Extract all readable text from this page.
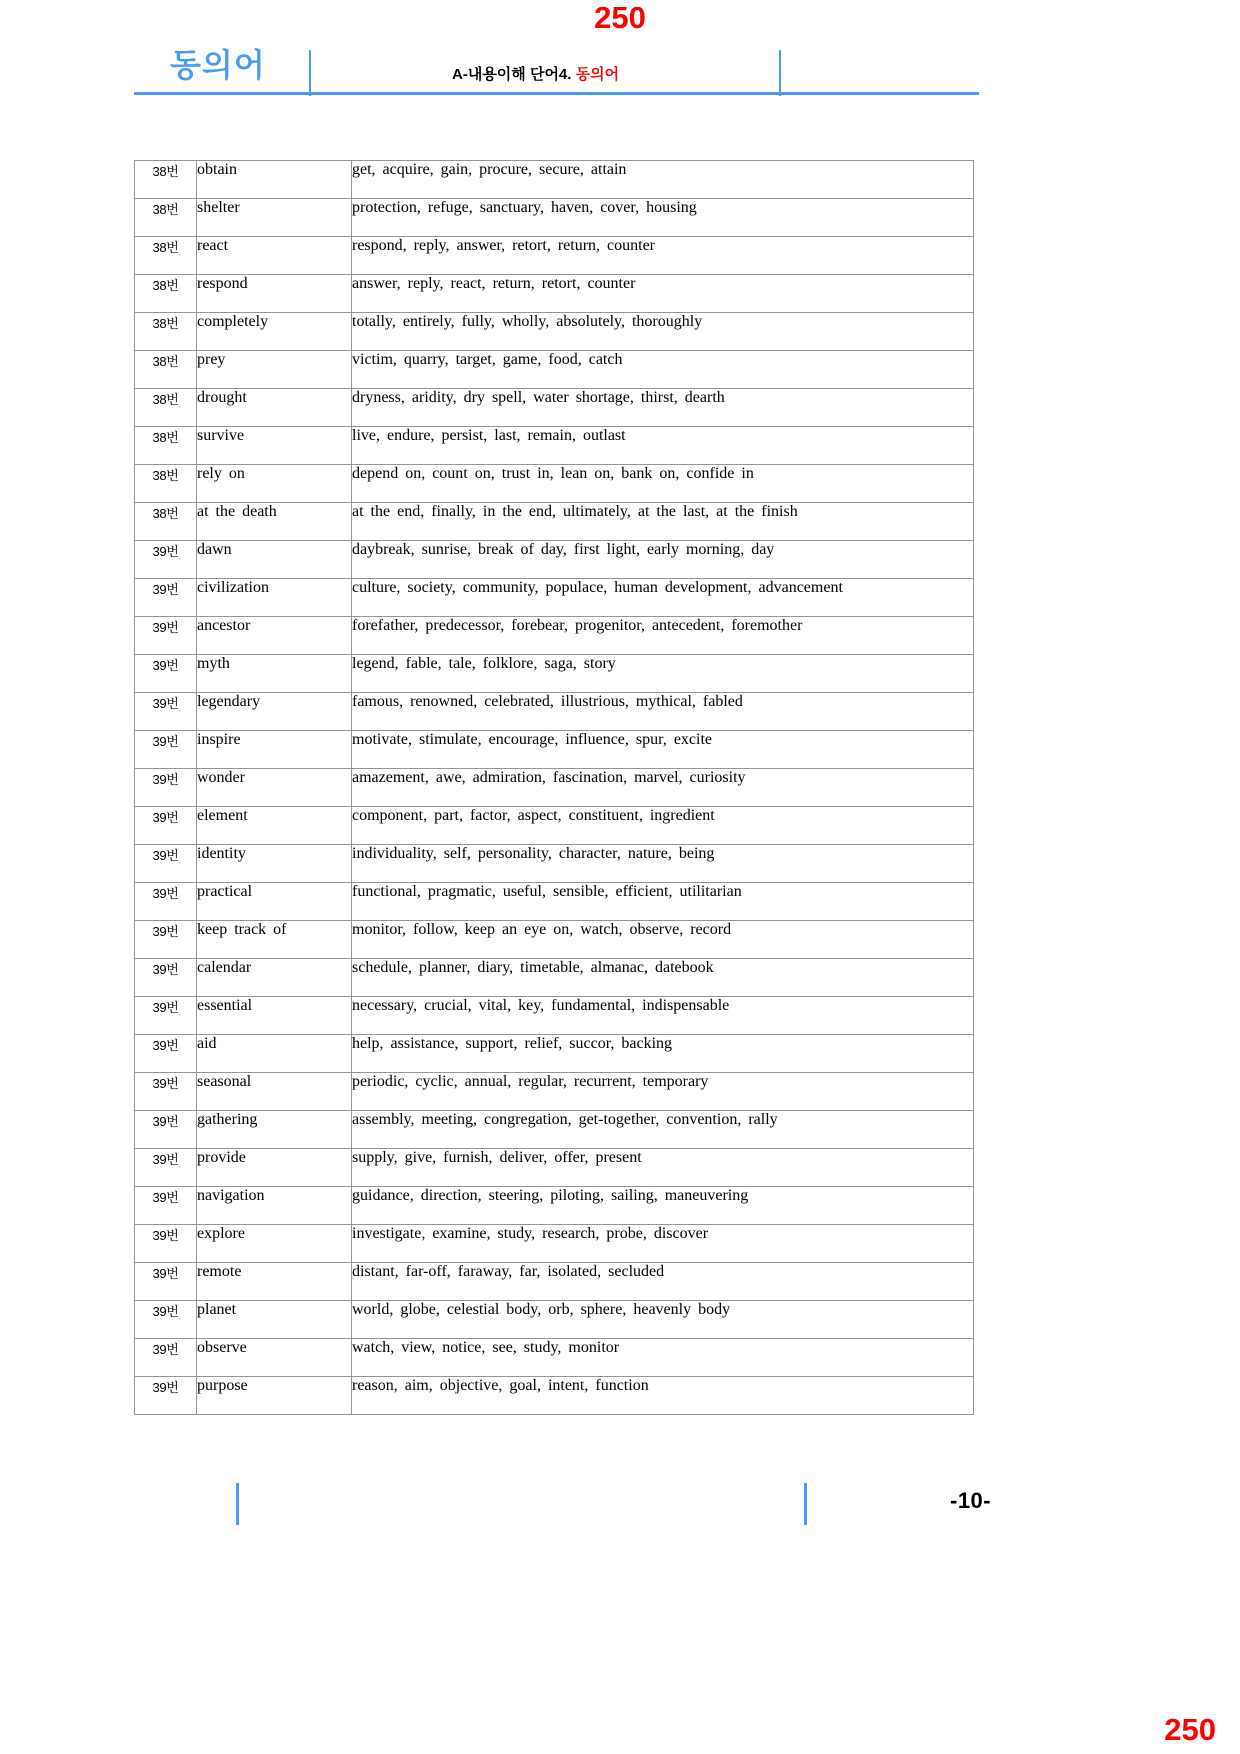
250
동의어	A-내용이해 단어4. 동의어
38번	obtain	get, acquire, gain, procure, secure, attain
38번	shelter	protection, refuge, sanctuary, haven, cover, housing
38번	react	respond, reply, answer, retort, return, counter
38번	respond	answer, reply, react, return, retort, counter
38번	completely	totally, entirely, fully, wholly, absolutely, thoroughly
38번	prey	victim, quarry, target, game, food, catch
38번	drought	dryness, aridity, dry spell, water shortage, thirst, dearth
38번	survive	live, endure, persist, last, remain, outlast
38번	rely on	depend on, count on, trust in, lean on, bank on, confide in
38번	at the death	at the end, finally, in the end, ultimately, at the last, at the finish
39번	dawn	daybreak, sunrise, break of day, first light, early morning, day
39번	civilization	culture, society, community, populace, human development, advancement
39번	ancestor	forefather, predecessor, forebear, progenitor, antecedent, foremother
39번	myth	legend, fable, tale, folklore, saga, story
39번	legendary	famous, renowned, celebrated, illustrious, mythical, fabled
39번	inspire	motivate, stimulate, encourage, influence, spur, excite
39번	wonder	amazement, awe, admiration, fascination, marvel, curiosity
39번	element	component, part, factor, aspect, constituent, ingredient
39번	identity	individuality, self, personality, character, nature, being
39번	practical	functional, pragmatic, useful, sensible, efficient, utilitarian
39번	keep track of	monitor, follow, keep an eye on, watch, observe, record
39번	calendar	schedule, planner, diary, timetable, almanac, datebook
39번	essential	necessary, crucial, vital, key, fundamental, indispensable
39번	aid	help, assistance, support, relief, succor, backing
39번	seasonal	periodic, cyclic, annual, regular, recurrent, temporary
39번	gathering	assembly, meeting, congregation, get-together, convention, rally
39번	provide	supply, give, furnish, deliver, offer, present
39번	navigation	guidance, direction, steering, piloting, sailing, maneuvering
39번	explore	investigate, examine, study, research, probe, discover
39번	remote	distant, far-off, faraway, far, isolated, secluded
39번	planet	world, globe, celestial body, orb, sphere, heavenly body
39번	observe	watch, view, notice, see, study, monitor
39번	purpose	reason, aim, objective, goal, intent, function
-10-
250
